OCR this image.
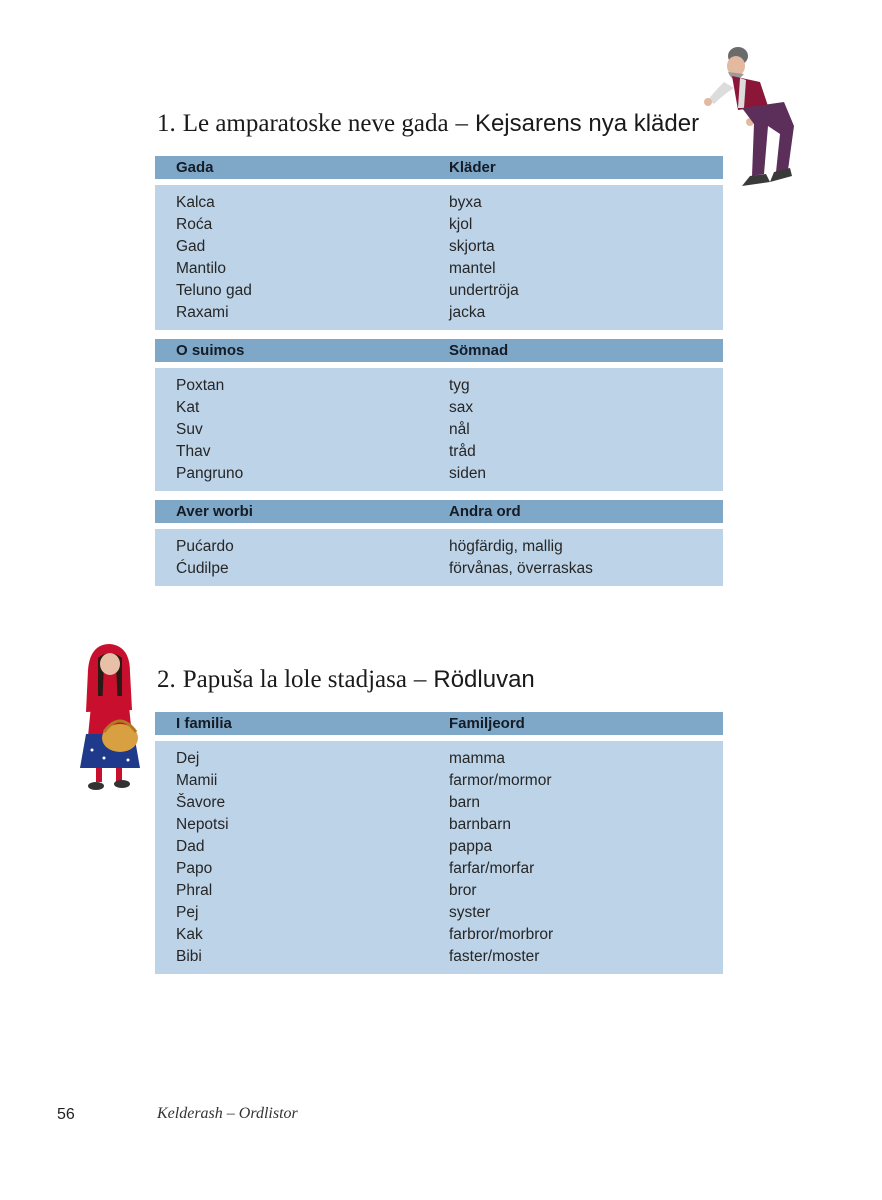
1. Le amparatoske neve gada – Kejsarens nya kläder
Gada	Kläder
Kalca	byxa
Roća	kjol
Gad	skjorta
Mantilo	mantel
Teluno gad	undertröja
Raxami	jacka
O suimos	Sömnad
Poxtan	tyg
Kat	sax
Suv	nål
Thav	tråd
Pangruno	siden
Aver worbi	Andra ord
Pućardo	högfärdig, mallig
Ćudilpe	förvånas, överraskas
2. Papuša la lole stadjasa – Rödluvan
I familia	Familjeord
Dej	mamma
Mamii	farmor/mormor
Šavore	barn
Nepotsi	barnbarn
Dad	pappa
Papo	farfar/morfar
Phral	bror
Pej	syster
Kak	farbror/morbror
Bibi	faster/moster
56	Kelderash – Ordlistor
